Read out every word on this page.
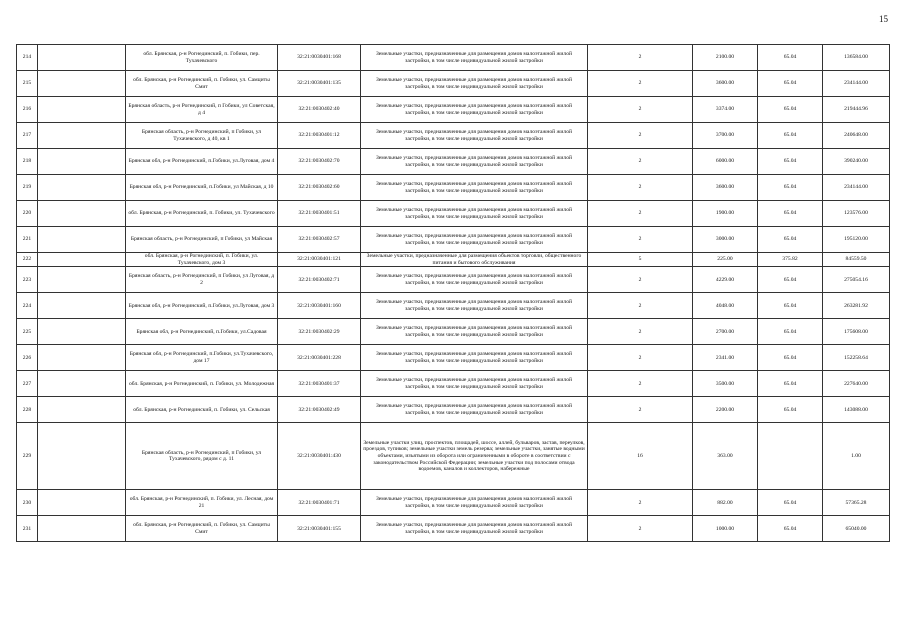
15
214		обл. Брянская, р-н Рогнединский, п. Гобики, пер. Тухачевского	32:21:0030401:168	Земельные участки, предназначенные для размещения домов малоэтажной жилой застройки, в том числе индивидуальной жилой застройки	2	2100.00	65.04	136584.00
215		обл. Брянская, р-н Рогнединский, п. Гобики, ул. Самциты Смит	32:21:0030401:135	Земельные участки, предназначенные для размещения домов малоэтажной жилой застройки, в том числе индивидуальной жилой застройки	2	3600.00	65.04	234144.00
216		Брянская область, р-н Рогнединский, п Гобики, ул Советская, д 4	32:21:0030402:40	Земельные участки, предназначенные для размещения домов малоэтажной жилой застройки, в том числе индивидуальной жилой застройки	2	3374.00	65.04	219444.96
217		Брянская область, р-н Рогнединский, п Гобики, ул Тухачевского, д 40, кв 1	32:21:0030401:12	Земельные участки, предназначенные для размещения домов малоэтажной жилой застройки, в том числе индивидуальной жилой застройки	2	3700.00	65.04	240648.00
218		Брянская обл, р-н Рогнединский, п.Гобики, ул.Луговая, дом 4	32:21:0030402:70	Земельные участки, предназначенные для размещения домов малоэтажной жилой застройки, в том числе индивидуальной жилой застройки	2	6000.00	65.04	390240.00
219		Брянская обл, р-н Рогнединский, п.Гобики, ул Майская, д 10	32:21:0030402:60	Земельные участки, предназначенные для размещения домов малоэтажной жилой застройки, в том числе индивидуальной жилой застройки	2	3600.00	65.04	234144.00
220		обл. Брянская, р-н Рогнединский, п. Гобики, ул. Тухачевского	32:21:0030401:51	Земельные участки, предназначенные для размещения домов малоэтажной жилой застройки, в том числе индивидуальной жилой застройки	2	1900.00	65.04	123576.00
221		Брянская область, р-н Рогнединский, п Гобики, ул Майская	32:21:0030402:57	Земельные участки, предназначенные для размещения домов малоэтажной жилой застройки, в том числе индивидуальной жилой застройки	2	3000.00	65.04	195120.00
222		обл. Брянская, р-н Рогнединский, п. Гобики, ул. Тухачевского, дом 3	32:21:0030401:121	Земельные участки, предназначенные для размещения объектов торговли, общественного питания и бытового обслуживания	5	225.00	375.82	84559.50
223		Брянская область, р-н Рогнединский, п Гобики, ул Луговая, д 2	32:21:0030402:71	Земельные участки, предназначенные для размещения домов малоэтажной жилой застройки, в том числе индивидуальной жилой застройки	2	4229.00	65.04	275054.16
224		Брянская обл, р-н Рогнединский, п.Гобики, ул.Луговая, дом 3	32:21:0030401:160	Земельные участки, предназначенные для размещения домов малоэтажной жилой застройки, в том числе индивидуальной жилой застройки	2	4048.00	65.04	263281.92
225		Брянская обл, р-н Рогнединский, п.Гобики, ул.Садовая	32:21:0030402:29	Земельные участки, предназначенные для размещения домов малоэтажной жилой застройки, в том числе индивидуальной жилой застройки	2	2700.00	65.04	175608.00
226		Брянская обл, р-н Рогнединский, п.Гобики, ул.Тухачевского, дом 17	32:21:0030401:228	Земельные участки, предназначенные для размещения домов малоэтажной жилой застройки, в том числе индивидуальной жилой застройки	2	2341.00	65.04	152258.64
227		обл. Брянская, р-н Рогнединский, п. Гобики, ул. Молодежная	32:21:0030401:37	Земельные участки, предназначенные для размещения домов малоэтажной жилой застройки, в том числе индивидуальной жилой застройки	2	3500.00	65.04	227640.00
228		обл. Брянская, р-н Рогнединский, п. Гобики, ул. Сельская	32:21:0030402:49	Земельные участки, предназначенные для размещения домов малоэтажной жилой застройки, в том числе индивидуальной жилой застройки	2	2200.00	65.04	143088.00
229		Брянская область, р-н Рогнединский, п Гобики, ул Тухачевского, рядом с д. 11	32:21:0030401:430	Земельные участки улиц, проспектов, площадей, шоссе, аллей, бульваров, застав, переулков, проездов, тупиков; земельные участки земель резерва; земельные участки, занятые водными объектами, изъятыми из оборота или ограниченными в обороте в соответствии с законодательством Российской Федерации; земельные участки под полосами отвода водоемов, каналов и коллекторов, набережные	16	363.00		1.00
230		обл. Брянская, р-н Рогнединский, п. Гобики, ул. Лесная, дом 21	32:21:0030401:71	Земельные участки, предназначенные для размещения домов малоэтажной жилой застройки, в том числе индивидуальной жилой застройки	2	882.00	65.04	57365.28
231		обл. Брянская, р-н Рогнединский, п. Гобики, ул. Самциты Смит	32:21:0030401:155	Земельные участки, предназначенные для размещения домов малоэтажной жилой застройки, в том числе индивидуальной жилой застройки	2	1000.00	65.04	65040.00
